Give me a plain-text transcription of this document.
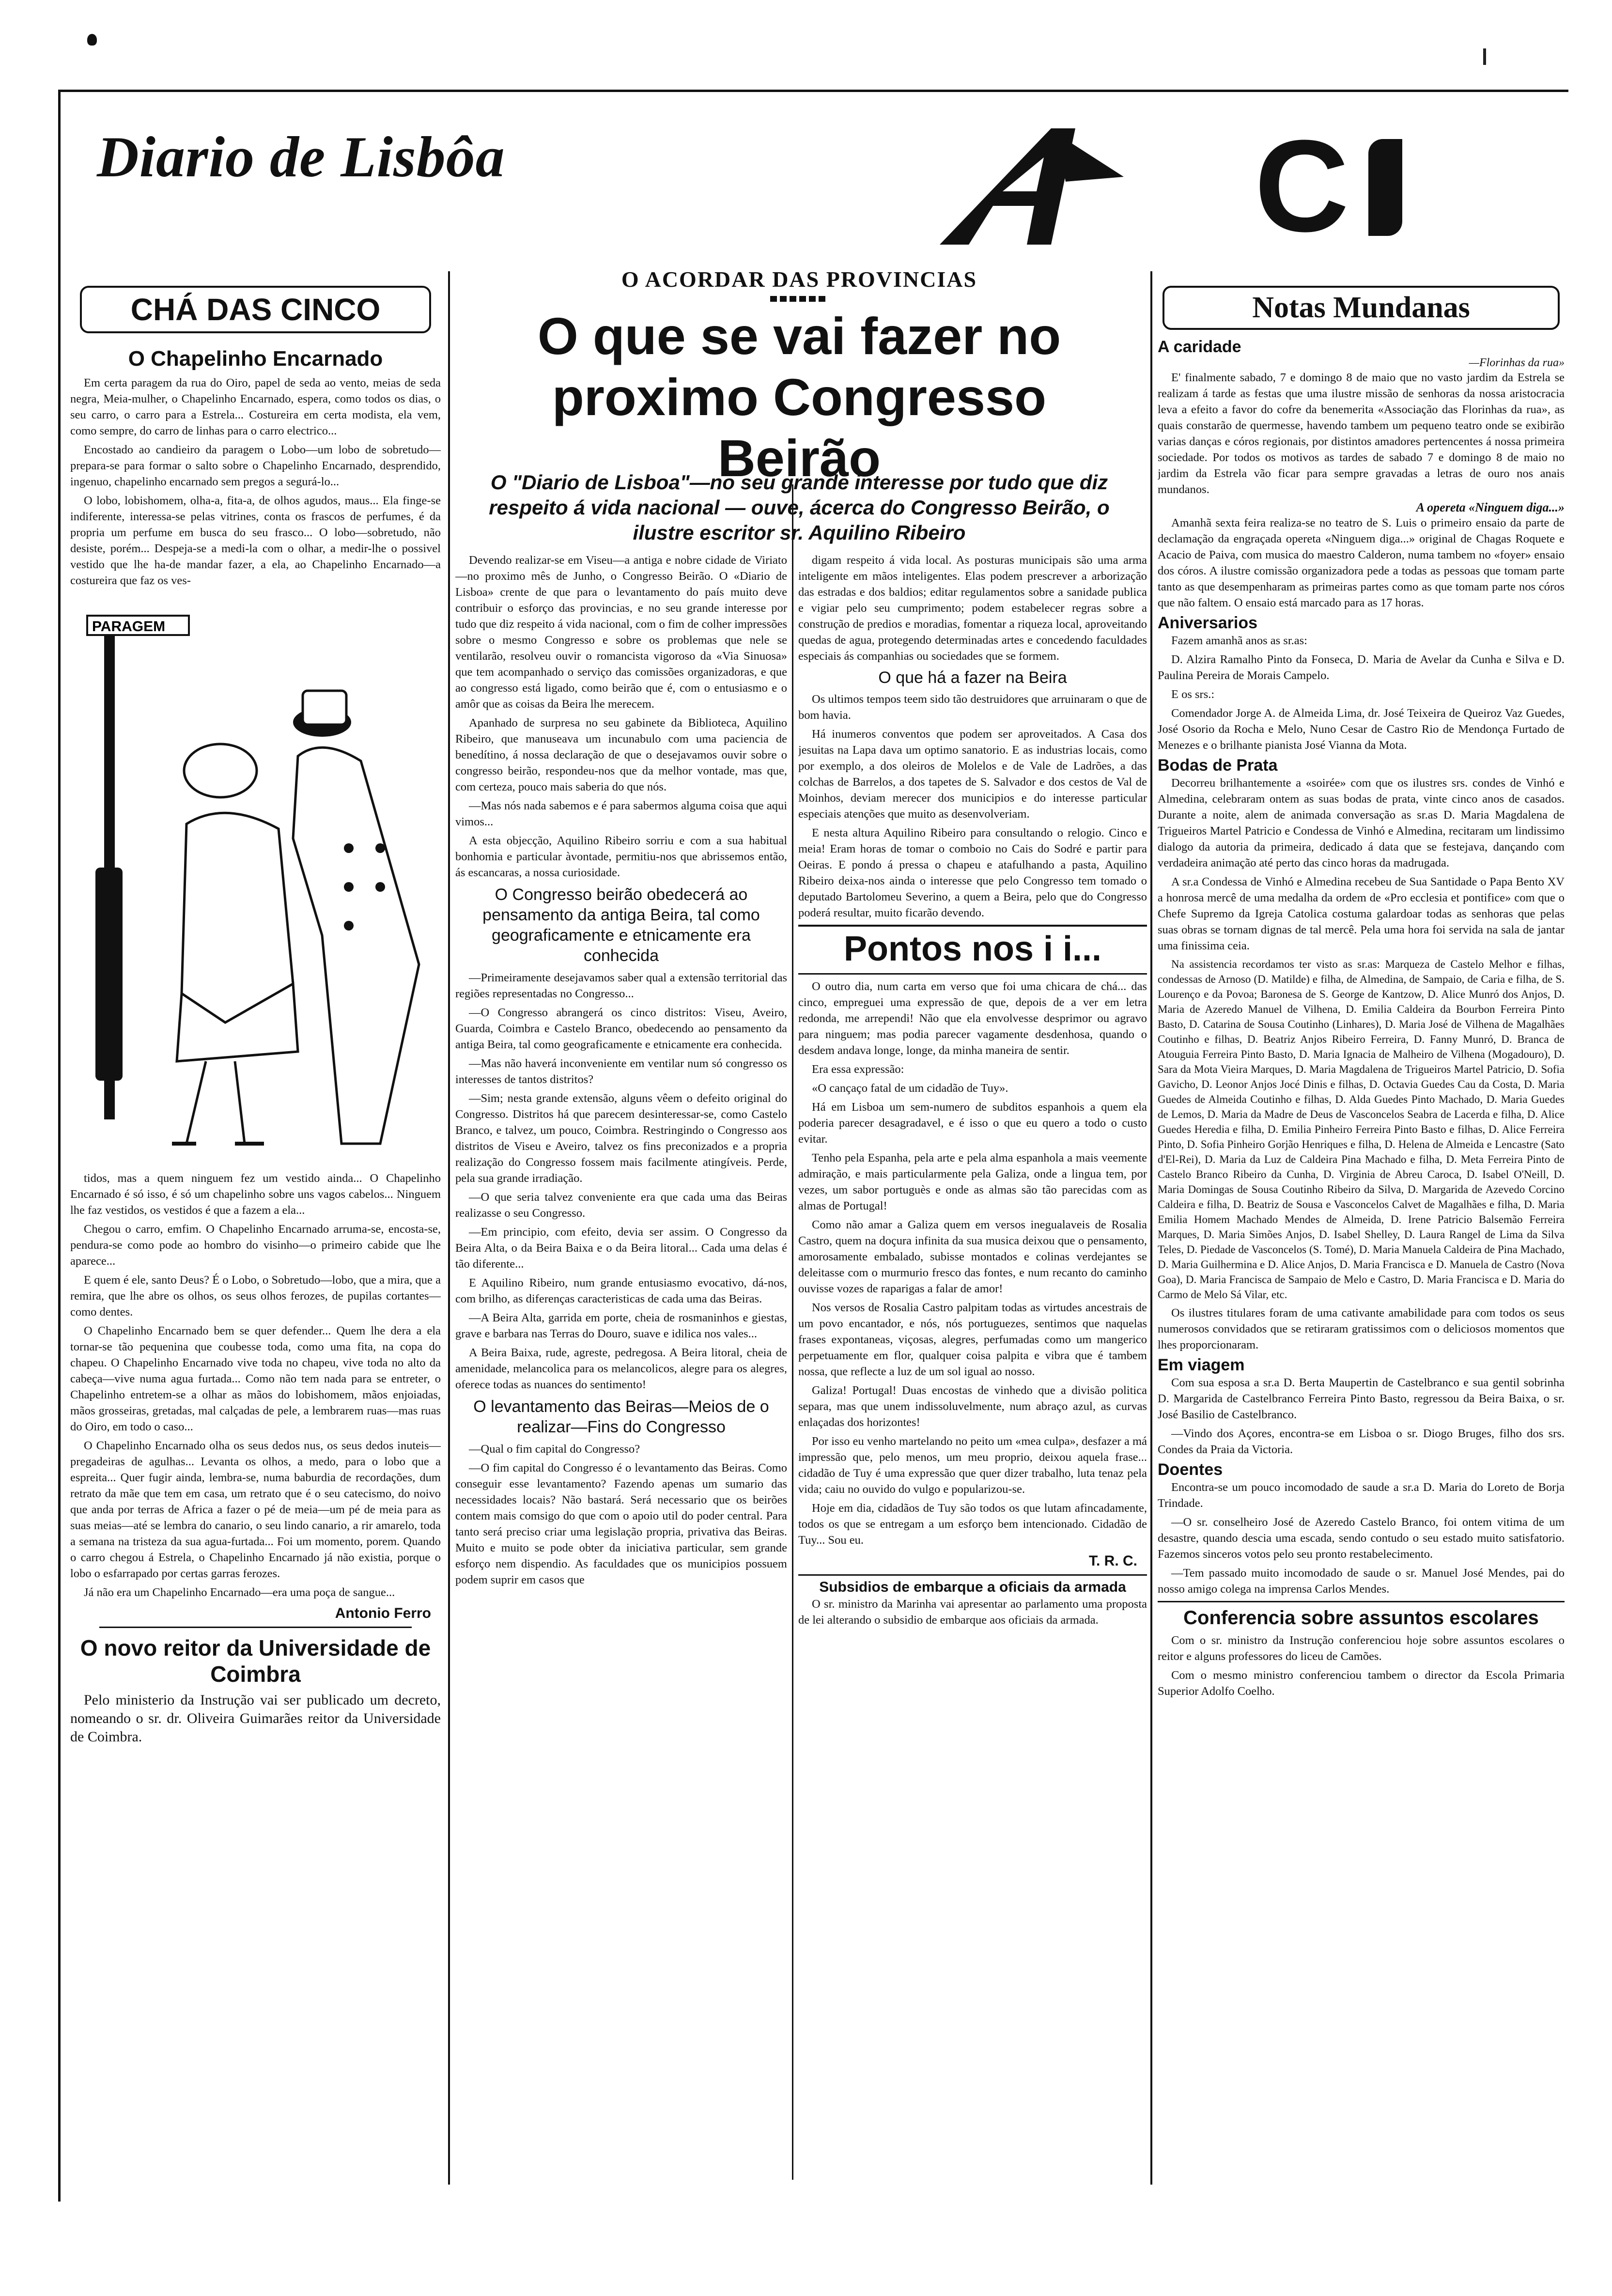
Diario de Lisbôa	C
CHÁ DAS CINCO
O Chapelinho Encarnado

Em certa paragem da rua do Oiro, papel de seda ao vento, meias de seda negra, Meia-mulher, o Chapelinho Encarnado, espera, como todos os dias, o seu carro, o carro para a Estrela... Costureira em certa modista, ela vem, como sempre, do carro de linhas para o carro electrico...

Encostado ao candieiro da paragem o Lobo—um lobo de sobretudo—prepara-se para formar o salto sobre o Chapelinho Encarnado, desprendido, ingenuo, chapelinho encarnado sem pregos a segurá-lo...

O lobo, lobishomem, olha-a, fita-a, de olhos agudos, maus... Ela finge-se indiferente, interessa-se pelas vitrines, conta os frascos de perfumes, é da propria um perfume em busca do seu frasco... O lobo—sobretudo, não desiste, porém... Despeja-se a medi-la com o olhar, a medir-lhe o possivel vestido que lhe ha-de mandar fazer, a ela, ao Chapelinho Encarnado—a costureira que faz os ves-

PARAGEM

tidos, mas a quem ninguem fez um vestido ainda... O Chapelinho Encarnado é só isso, é só um chapelinho sobre uns vagos cabelos... Ninguem lhe faz vestidos, os vestidos é que a fazem a ela...

Chegou o carro, emfim. O Chapelinho Encarnado arruma-se, encosta-se, pendura-se como pode ao hombro do visinho—o primeiro cabide que lhe aparece...

E quem é ele, santo Deus? É o Lobo, o Sobretudo—lobo, que a mira, que a remira, que lhe abre os olhos, os seus olhos ferozes, de pupilas cortantes—como dentes.

O Chapelinho Encarnado bem se quer defender... Quem lhe dera a ela tornar-se tão pequenina que coubesse toda, como uma fita, na copa do chapeu. O Chapelinho Encarnado vive toda no chapeu, vive toda no alto da cabeça—vive numa agua furtada... Como não tem nada para se entreter, o Chapelinho entretem-se a olhar as mãos do lobishomem, mãos enjoiadas, mãos grosseiras, gretadas, mal calçadas de pele, a lembrarem ruas—mas ruas do Oiro, em todo o caso...

O Chapelinho Encarnado olha os seus dedos nus, os seus dedos inuteis—pregadeiras de agulhas... Levanta os olhos, a medo, para o lobo que a espreita... Quer fugir ainda, lembra-se, numa baburdia de recordações, dum retrato da mãe que tem em casa, um retrato que é o seu catecismo, do noivo que anda por terras de Africa a fazer o pé de meia—um pé de meia para as suas meias—até se lembra do canario, o seu lindo canario, a rir amarelo, toda a semana na tristeza da sua agua-furtada... Foi um momento, porem. Quando o carro chegou á Estrela, o Chapelinho Encarnado já não existia, porque o lobo o esfarrapado por certas garras ferozes.

Já não era um Chapelinho Encarnado—era uma poça de sangue...

Antonio Ferro
O novo reitor da Universidade de Coimbra

Pelo ministerio da Instrução vai ser publicado um decreto, nomeando o sr. dr. Oliveira Guimarães reitor da Universidade de Coimbra.

O ACORDAR DAS PROVINCIAS
O que se vai fazer no proximo Congresso Beirão
O "Diario de Lisboa"—no seu grande interesse por tudo que diz respeito á vida nacional — ouve, ácerca do Congresso Beirão, o ilustre escritor sr. Aquilino Ribeiro

Devendo realizar-se em Viseu—a antiga e nobre cidade de Viriato—no proximo mês de Junho, o Congresso Beirão. O «Diario de Lisboa» crente de que para o levantamento do país muito deve contribuir o esforço das provincias, e no seu grande interesse por tudo que diz respeito á vida nacional, com o fim de colher impressões sobre o mesmo Congresso e sobre os problemas que nele se ventilarão, resolveu ouvir o romancista vigoroso da «Via Sinuosa» que tem acompanhado o serviço das comissões organizadoras, e que ao congresso está ligado, como beirão que é, com o entusiasmo e o amôr que as coisas da Beira lhe merecem.

Apanhado de surpresa no seu gabinete da Biblioteca, Aquilino Ribeiro, que manuseava um incunabulo com uma paciencia de benedítino, á nossa declaração de que o desejavamos ouvir sobre o congresso beirão, respondeu-nos que da melhor vontade, mas que, com certeza, pouco mais saberia do que nós.

—Mas nós nada sabemos e é para sabermos alguma coisa que aqui vimos...

A esta objecção, Aquilino Ribeiro sorriu e com a sua habitual bonhomia e particular àvontade, permitiu-nos que abrissemos então, ás escancaras, a nossa curiosidade.

O Congresso beirão obedecerá ao pensamento da antiga Beira, tal como geograficamente e etnicamente era conhecida

—Primeiramente desejavamos saber qual a extensão territorial das regiões representadas no Congresso...

—O Congresso abrangerá os cinco distritos: Viseu, Aveiro, Guarda, Coimbra e Castelo Branco, obedecendo ao pensamento da antiga Beira, tal como geograficamente e etnicamente era conhecida.

—Mas não haverá inconveniente em ventilar num só congresso os interesses de tantos distritos?

—Sim; nesta grande extensão, alguns vêem o defeito original do Congresso. Distritos há que parecem desinteressar-se, como Castelo Branco, e talvez, um pouco, Coimbra. Restringindo o Congresso aos distritos de Viseu e Aveiro, talvez os fins preconizados e a propria realização do Congresso fossem mais facilmente atingíveis. Perde, pela sua grande irradiação.

—O que seria talvez conveniente era que cada uma das Beiras realizasse o seu Congresso.

—Em principio, com efeito, devia ser assim. O Congresso da Beira Alta, o da Beira Baixa e o da Beira litoral... Cada uma delas é tão diferente...

E Aquilino Ribeiro, num grande entusiasmo evocativo, dá-nos, com brilho, as diferenças caracteristicas de cada uma das Beiras.

—A Beira Alta, garrida em porte, cheia de rosmaninhos e giestas, grave e barbara nas Terras do Douro, suave e idilica nos vales...

A Beira Baixa, rude, agreste, pedregosa. A Beira litoral, cheia de amenidade, melancolica para os melancolicos, alegre para os alegres, oferece todas as nuances do sentimento!

O levantamento das Beiras—Meios de o realizar—Fins do Congresso

—Qual o fim capital do Congresso?

—O fim capital do Congresso é o levantamento das Beiras. Como conseguir esse levantamento? Fazendo apenas um sumario das necessidades locais? Não bastará. Será necessario que os beirões contem mais comsigo do que com o apoio util do poder central. Para tanto será preciso criar uma legislação propria, privativa das Beiras. Muito e muito se pode obter da iniciativa particular, sem grande esforço nem dispendio. As faculdades que os municipios possuem podem suprir em casos que

digam respeito á vida local. As posturas municipais são uma arma inteligente em mãos inteligentes. Elas podem prescrever a arborização das estradas e dos baldios; editar regulamentos sobre a sanidade publica e vigiar pelo seu cumprimento; podem estabelecer regras sobre a construção de predios e moradias, fomentar a riqueza local, aproveitando quedas de agua, protegendo determinadas artes e concedendo faculdades especiais ás companhias ou sociedades que se formem.

O que há a fazer na Beira

Os ultimos tempos teem sido tão destruidores que arruinaram o que de bom havia.

Há inumeros conventos que podem ser aproveitados. A Casa dos jesuitas na Lapa dava um optimo sanatorio. E as industrias locais, como por exemplo, a dos oleiros de Molelos e de Vale de Ladrões, a das colchas de Barrelos, a dos tapetes de S. Salvador e dos cestos de Val de Moinhos, deviam merecer dos municipios e do interesse particular especiais atenções que muito as desenvolveriam.

E nesta altura Aquilino Ribeiro para consultando o relogio. Cinco e meia! Eram horas de tomar o comboio no Cais do Sodré e partir para Oeiras. E pondo á pressa o chapeu e atafulhando a pasta, Aquilino Ribeiro deixa-nos ainda o interesse que pelo Congresso tem tomado o deputado Bartolomeu Severino, a quem a Beira, pelo que do Congresso poderá resultar, muito ficarão devendo.

Pontos nos i i...

O outro dia, num carta em verso que foi uma chicara de chá... das cinco, empreguei uma expressão de que, depois de a ver em letra redonda, me arrependi! Não que ela envolvesse desprimor ou agravo para ninguem; mas podia parecer vagamente desdenhosa, quando o desdem andava longe, longe, da minha maneira de sentir.

Era essa expressão:

«O cançaço fatal de um cidadão de Tuy».

Há em Lisboa um sem-numero de subditos espanhois a quem ela poderia parecer desagradavel, e é isso o que eu quero a todo o custo evitar.

Tenho pela Espanha, pela arte e pela alma espanhola a mais veemente admiração, e mais particularmente pela Galiza, onde a lingua tem, por vezes, um sabor portuguès e onde as almas são tão parecidas com as almas de Portugal!

Como não amar a Galiza quem em versos inegualaveis de Rosalia Castro, quem na doçura infinita da sua musica deixou que o pensamento, amorosamente embalado, subisse montados e colinas verdejantes se deleitasse com o murmurio fresco das fontes, e num recanto do caminho ouvisse vozes de raparigas a falar de amor!

Nos versos de Rosalia Castro palpitam todas as virtudes ancestrais de um povo encantador, e nós, nós portuguezes, sentimos que naquelas frases expontaneas, viçosas, alegres, perfumadas como um mangerico perpetuamente em flor, qualquer coisa palpita e vibra que é tambem nossa, que reflecte a luz de um sol igual ao nosso.

Galiza! Portugal! Duas encostas de vinhedo que a divisão politica separa, mas que unem indissoluvelmente, num abraço azul, as curvas enlaçadas dos horizontes!

Por isso eu venho martelando no peito um «mea culpa», desfazer a má impressão que, pelo menos, um meu proprio, deixou aquela frase... cidadão de Tuy é uma expressão que quer dizer trabalho, luta tenaz pela vida; caiu no ouvido do vulgo e popularizou-se.

Hoje em dia, cidadãos de Tuy são todos os que lutam afincadamente, todos os que se entregam a um esforço bem intencionado. Cidadão de Tuy... Sou eu.

T. R. C.
Subsidios de embarque a oficiais da armada

O sr. ministro da Marinha vai apresentar ao parlamento uma proposta de lei alterando o subsidio de embarque aos oficiais da armada.

Notas Mundanas
A caridade
—Florinhas da rua»

E' finalmente sabado, 7 e domingo 8 de maio que no vasto jardim da Estrela se realizam á tarde as festas que uma ilustre missão de senhoras da nossa aristocracia leva a efeito a favor do cofre da benemerita «Associação das Florinhas da rua», as quais constarão de quermesse, havendo tambem um pequeno teatro onde se exibirão varias danças e córos regionais, por distintos amadores pertencentes á nossa primeira sociedade. Por todos os motivos as tardes de sabado 7 e domingo 8 de maio no jardim da Estrela vão ficar para sempre gravadas a letras de ouro nos anais mundanos.

A opereta «Ninguem diga...»

Amanhã sexta feira realiza-se no teatro de S. Luis o primeiro ensaio da parte de declamação da engraçada opereta «Ninguem diga...» original de Chagas Roquete e Acacio de Paiva, com musica do maestro Calderon, numa tambem no «foyer» ensaio dos córos. A ilustre comissão organizadora pede a todas as pessoas que tomam parte tanto as que desempenharam as primeiras partes como as que tomam parte nos córos que não faltem. O ensaio está marcado para as 17 horas.

Aniversarios

Fazem amanhã anos as sr.as:

D. Alzira Ramalho Pinto da Fonseca, D. Maria de Avelar da Cunha e Silva e D. Paulina Pereira de Morais Campelo.

E os srs.:

Comendador Jorge A. de Almeida Lima, dr. José Teixeira de Queiroz Vaz Guedes, José Osorio da Rocha e Melo, Nuno Cesar de Castro Rio de Mendonça Furtado de Menezes e o brilhante pianista José Vianna da Mota.

Bodas de Prata

Decorreu brilhantemente a «soirée» com que os ilustres srs. condes de Vinhó e Almedina, celebraram ontem as suas bodas de prata, vinte cinco anos de casados. Durante a noite, alem de animada conversação as sr.as D. Maria Magdalena de Trigueiros Martel Patricio e Condessa de Vinhó e Almedina, recitaram um lindissimo dialogo da autoria da primeira, dedicado á data que se festejava, dançando com verdadeira animação até perto das cinco horas da madrugada.

A sr.a Condessa de Vinhó e Almedina recebeu de Sua Santidade o Papa Bento XV a honrosa mercê de uma medalha da ordem de «Pro ecclesia et pontifice» com que o Chefe Supremo da Igreja Catolica costuma galardoar todas as senhoras que pelas suas obras se tornam dignas de tal mercê. Pela uma hora foi servida na sala de jantar uma finissima ceia.

Na assistencia recordamos ter visto as sr.as: Marqueza de Castelo Melhor e filhas, condessas de Arnoso (D. Matilde) e filha, de Almedina, de Sampaio, de Caria e filha, de S. Lourenço e da Povoa; Baronesa de S. George de Kantzow, D. Alice Munró dos Anjos, D. Maria de Azeredo Manuel de Vilhena, D. Emilia Caldeira da Bourbon Ferreira Pinto Basto, D. Catarina de Sousa Coutinho (Linhares), D. Maria José de Vilhena de Magalhães Coutinho e filhas, D. Beatriz Anjos Ribeiro Ferreira, D. Fanny Munró, D. Branca de Atouguia Ferreira Pinto Basto, D. Maria Ignacia de Malheiro de Vilhena (Mogadouro), D. Sara da Mota Vieira Marques, D. Maria Magdalena de Trigueiros Martel Patricio, D. Sofia Gavicho, D. Leonor Anjos Jocé Dinis e filhas, D. Octavia Guedes Cau da Costa, D. Maria Guedes de Almeida Coutinho e filhas, D. Alda Guedes Pinto Machado, D. Maria Guedes de Lemos, D. Maria da Madre de Deus de Vasconcelos Seabra de Lacerda e filha, D. Alice Guedes Heredia e filha, D. Emilia Pinheiro Ferreira Pinto Basto e filhas, D. Alice Ferreira Pinto, D. Sofia Pinheiro Gorjão Henriques e filha, D. Helena de Almeida e Lencastre (Sato d'El-Rei), D. Maria da Luz de Caldeira Pina Machado e filha, D. Meta Ferreira Pinto de Castelo Branco Ribeiro da Cunha, D. Virginia de Abreu Caroca, D. Isabel O'Neill, D. Maria Domingas de Sousa Coutinho Ribeiro da Silva, D. Margarida de Azevedo Corcino Caldeira e filha, D. Beatriz de Sousa e Vasconcelos Calvet de Magalhães e filha, D. Maria Emilia Homem Machado Mendes de Almeida, D. Irene Patricio Balsemão Ferreira Marques, D. Maria Simões Anjos, D. Isabel Shelley, D. Laura Rangel de Lima da Silva Teles, D. Piedade de Vasconcelos (S. Tomé), D. Maria Manuela Caldeira de Pina Machado, D. Maria Guilhermina e D. Alice Anjos, D. Maria Francisca e D. Manuela de Castro (Nova Goa), D. Maria Francisca de Sampaio de Melo e Castro, D. Maria Francisca e D. Maria do Carmo de Melo Sá Vilar, etc.

Os ilustres titulares foram de uma cativante amabilidade para com todos os seus numerosos convidados que se retiraram gratissimos com o deliciosos momentos que lhes proporcionaram.

Em viagem

Com sua esposa a sr.a D. Berta Maupertin de Castelbranco e sua gentil sobrinha D. Margarida de Castelbranco Ferreira Pinto Basto, regressou da Beira Baixa, o sr. José Basilio de Castelbranco.

—Vindo dos Açores, encontra-se em Lisboa o sr. Diogo Bruges, filho dos srs. Condes da Praia da Victoria.

Doentes

Encontra-se um pouco incomodado de saude a sr.a D. Maria do Loreto de Borja Trindade.

—O sr. conselheiro José de Azeredo Castelo Branco, foi ontem vitima de um desastre, quando descia uma escada, sendo contudo o seu estado muito satisfatorio. Fazemos sinceros votos pelo seu pronto restabelecimento.

—Tem passado muito incomodado de saude o sr. Manuel José Mendes, pai do nosso amigo colega na imprensa Carlos Mendes.

Conferencia sobre assuntos escolares

Com o sr. ministro da Instrução conferenciou hoje sobre assuntos escolares o reitor e alguns professores do liceu de Camões.

Com o mesmo ministro conferenciou tambem o director da Escola Primaria Superior Adolfo Coelho.
